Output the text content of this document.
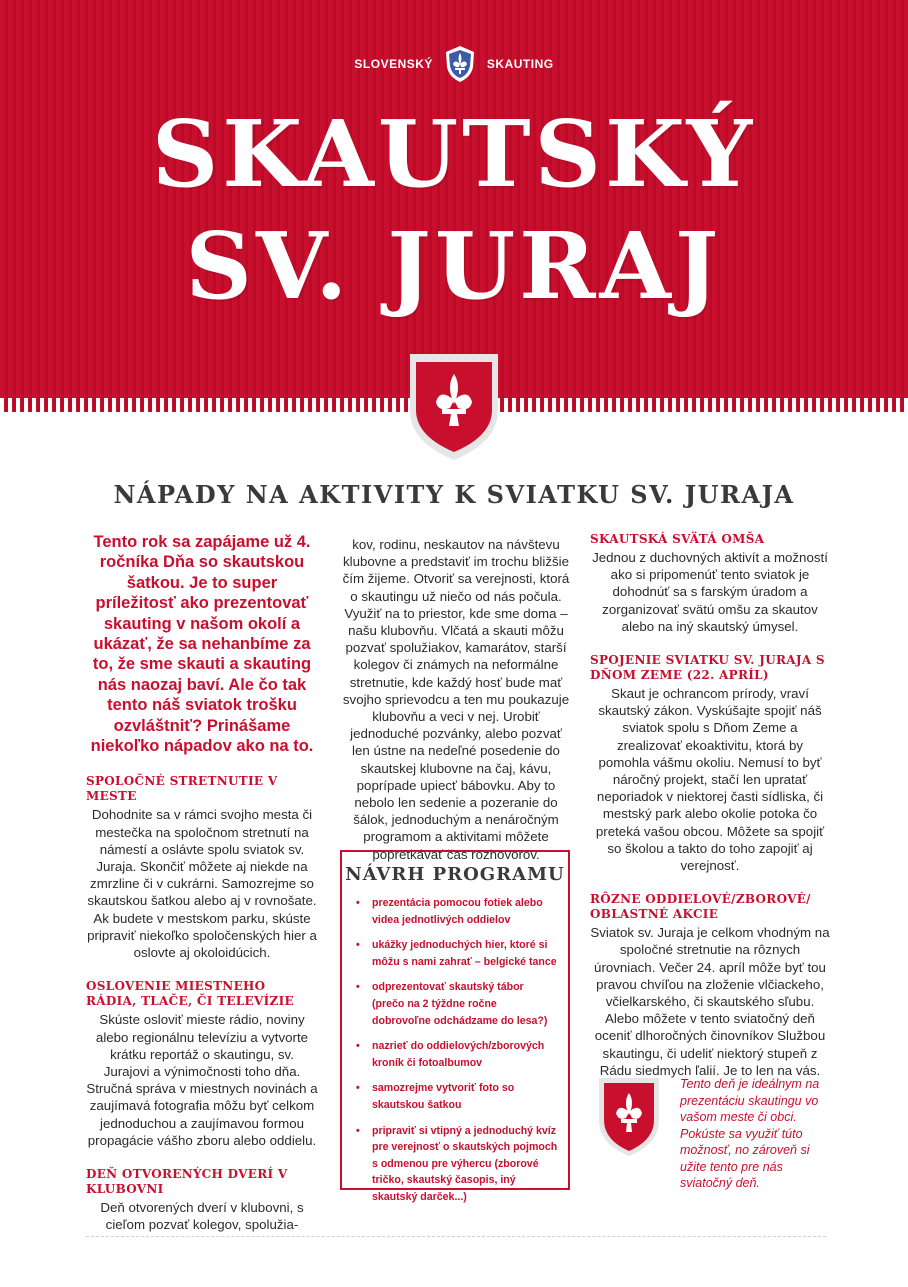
SLOVENSKÝ	SKAUTING
SKAUTSKÝ
SV. JURAJ
NÁPADY NA AKTIVITY K SVIATKU SV. JURAJA

Tento rok sa zapájame už 4. ročníka Dňa so skautskou šatkou. Je to super príležitosť ako prezentovať skauting v našom okolí a ukázať, že sa nehanbíme za to, že sme skauti a skauting nás naozaj baví. Ale čo tak tento náš sviatok trošku ozvláštniť? Prinášame niekoľko nápadov ako na to.

SPOLOČNÉ STRETNUTIE V MESTE

Dohodnite sa v rámci svojho mesta či mestečka na spoločnom stretnutí na námestí a oslávte spolu sviatok sv. Juraja. Skončiť môžete aj niekde na zmrzline či v cukrárni. Samozrejme so skautskou šatkou alebo aj v rovnošate. Ak budete v mestskom parku, skúste pripraviť niekoľko spoločenských hier a oslovte aj okoloidúcich.

OSLOVENIE MIESTNEHO RÁDIA, TLAČE, ČI TELEVÍZIE

Skúste osloviť mieste rádio, noviny alebo regionálnu televíziu a vytvorte krátku reportáž o skautingu, sv. Jurajovi a výnimočnosti toho dňa. Stručná správa v miestnych novinách a zaujímavá fotografia môžu byť celkom jednoduchou a zaujímavou formou propagácie vášho zboru alebo oddielu.

DEŇ OTVORENÝCH DVERÍ V KLUBOVNI

Deň otvorených dverí v klubovni, s cieľom pozvať kolegov, spolužia-

kov, rodinu, neskautov na návštevu klubovne a predstaviť im trochu bližšie čím žijeme. Otvoriť sa verejnosti, ktorá o skautingu už niečo od nás počula. Využiť na to priestor, kde sme doma – našu klubovňu. Vlčatá a skauti môžu pozvať spolužiakov, kamarátov, starší kolegov či známych na neformálne stretnutie, kde každý hosť bude mať svojho sprievodcu a ten mu poukazuje klubovňu a veci v nej. Urobiť jednoduché pozvánky, alebo pozvať len ústne na nedeľné posedenie do skautskej klubovne na čaj, kávu, poprípade upiecť bábovku. Aby to nebolo len sedenie a pozeranie do šálok, jednoduchým a nenáročným programom a aktivitami môžete popretkávať čas rozhovorov.

NÁVRH PROGRAMU
• prezentácia pomocou fotiek alebo videa jednotlivých oddielov
• ukážky jednoduchých hier, ktoré si môžu s nami zahrať – belgické tance
• odprezentovať skautský tábor (prečo na 2 týždne ročne dobrovoľne odchádzame do lesa?)
• nazrieť do oddielových/zborových kroník či fotoalbumov
• samozrejme vytvoriť foto so skautskou šatkou
• pripraviť si vtipný a jednoduchý kvíz pre verejnosť o skautských pojmoch s odmenou pre výhercu (zborové tričko, skautský časopis, iný skautský darček...)
SKAUTSKÁ SVÄTÁ OMŠA

Jednou z duchovných aktivít a možností ako si pripomenúť tento sviatok je dohodnúť sa s farským úradom a zorganizovať svätú omšu za skautov alebo na iný skautský úmysel.

SPOJENIE SVIATKU SV. JURAJA S DŇOM ZEME (22. APRÍL)

Skaut je ochrancom prírody, vraví skautský zákon. Vyskúšajte spojiť náš sviatok spolu s Dňom Zeme a zrealizovať ekoaktivitu, ktorá by pomohla vášmu okoliu. Nemusí to byť náročný projekt, stačí len upratať neporiadok v niektorej časti sídliska, či mestský park alebo okolie potoka čo preteká vašou obcou. Môžete sa spojiť so školou a takto do toho zapojiť aj verejnosť.

RÔZNE ODDIELOVÉ/ZBOROVÉ/ OBLASTNÉ AKCIE

Sviatok sv. Juraja je celkom vhodným na spoločné stretnutie na rôznych úrovniach. Večer 24. apríl môže byť tou pravou chvíľou na zloženie vlčiackeho, včielkarského, či skautského sľubu. Alebo môžete v tento sviatočný deň oceniť dlhoročných činovníkov Službou skautingu, či udeliť niektorý stupeň z Rádu siedmych ľalií. Je to len na vás.

Tento deň je ideálnym na prezentáciu skautingu vo vašom meste či obci. Pokúste sa využiť túto možnosť, no zároveň si užite tento pre nás sviatočný deň.
